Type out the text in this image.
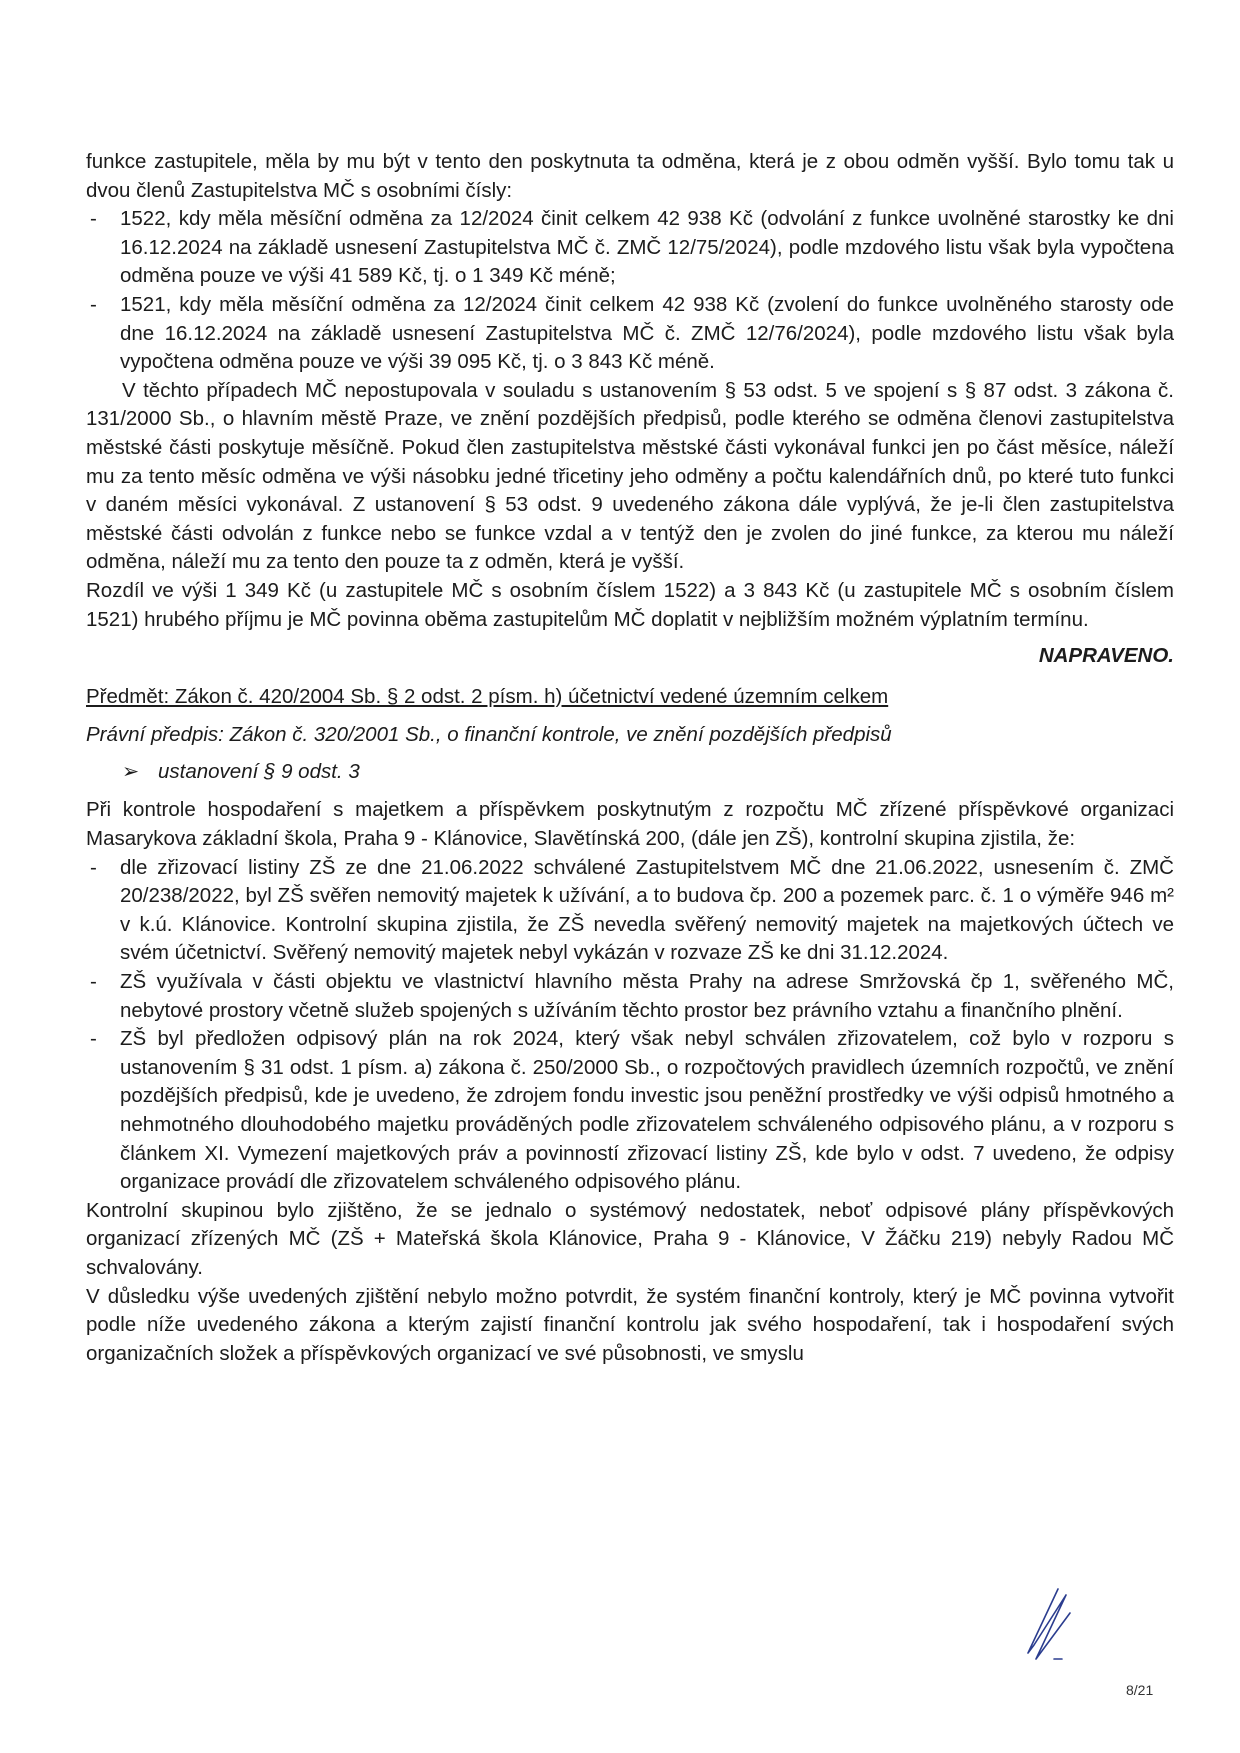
funkce zastupitele, měla by mu být v tento den poskytnuta ta odměna, která je z obou odměn vyšší. Bylo tomu tak u dvou členů Zastupitelstva MČ s osobními čísly:

- 1522, kdy měla měsíční odměna za 12/2024 činit celkem 42 938 Kč (odvolání z funkce uvolněné starostky ke dni 16.12.2024 na základě usnesení Zastupitelstva MČ č. ZMČ 12/75/2024), podle mzdového listu však byla vypočtena odměna pouze ve výši 41 589 Kč, tj. o 1 349 Kč méně;
- 1521, kdy měla měsíční odměna za 12/2024 činit celkem 42 938 Kč (zvolení do funkce uvolněného starosty ode dne 16.12.2024 na základě usnesení Zastupitelstva MČ č. ZMČ 12/76/2024), podle mzdového listu však byla vypočtena odměna pouze ve výši 39 095 Kč, tj. o 3 843 Kč méně.

V těchto případech MČ nepostupovala v souladu s ustanovením § 53 odst. 5 ve spojení s § 87 odst. 3 zákona č. 131/2000 Sb., o hlavním městě Praze, ve znění pozdějších předpisů, podle kterého se odměna členovi zastupitelstva městské části poskytuje měsíčně. Pokud člen zastupitelstva městské části vykonával funkci jen po část měsíce, náleží mu za tento měsíc odměna ve výši násobku jedné třicetiny jeho odměny a počtu kalendářních dnů, po které tuto funkci v daném měsíci vykonával. Z ustanovení § 53 odst. 9 uvedeného zákona dále vyplývá, že je-li člen zastupitelstva městské části odvolán z funkce nebo se funkce vzdal a v tentýž den je zvolen do jiné funkce, za kterou mu náleží odměna, náleží mu za tento den pouze ta z odměn, která je vyšší.

Rozdíl ve výši 1 349 Kč (u zastupitele MČ s osobním číslem 1522) a 3 843 Kč (u zastupitele MČ s osobním číslem 1521) hrubého příjmu je MČ povinna oběma zastupitelům MČ doplatit v nejbližším možném výplatním termínu.

NAPRAVENO.

Předmět: Zákon č. 420/2004 Sb. § 2 odst. 2 písm. h) účetnictví vedené územním celkem

Právní předpis: Zákon č. 320/2001 Sb., o finanční kontrole, ve znění pozdějších předpisů

➢ ustanovení § 9 odst. 3

Při kontrole hospodaření s majetkem a příspěvkem poskytnutým z rozpočtu MČ zřízené příspěvkové organizaci Masarykova základní škola, Praha 9 - Klánovice, Slavětínská 200, (dále jen ZŠ), kontrolní skupina zjistila, že:

- dle zřizovací listiny ZŠ ze dne 21.06.2022 schválené Zastupitelstvem MČ dne 21.06.2022, usnesením č. ZMČ 20/238/2022, byl ZŠ svěřen nemovitý majetek k užívání, a to budova čp. 200 a pozemek parc. č. 1 o výměře 946 m² v k.ú. Klánovice. Kontrolní skupina zjistila, že ZŠ nevedla svěřený nemovitý majetek na majetkových účtech ve svém účetnictví. Svěřený nemovitý majetek nebyl vykázán v rozvaze ZŠ ke dni 31.12.2024.
- ZŠ využívala v části objektu ve vlastnictví hlavního města Prahy na adrese Smržovská čp 1, svěřeného MČ, nebytové prostory včetně služeb spojených s užíváním těchto prostor bez právního vztahu a finančního plnění.
- ZŠ byl předložen odpisový plán na rok 2024, který však nebyl schválen zřizovatelem, což bylo v rozporu s ustanovením § 31 odst. 1 písm. a) zákona č. 250/2000 Sb., o rozpočtových pravidlech územních rozpočtů, ve znění pozdějších předpisů, kde je uvedeno, že zdrojem fondu investic jsou peněžní prostředky ve výši odpisů hmotného a nehmotného dlouhodobého majetku prováděných podle zřizovatelem schváleného odpisového plánu, a v rozporu s článkem XI. Vymezení majetkových práv a povinností zřizovací listiny ZŠ, kde bylo v odst. 7 uvedeno, že odpisy organizace provádí dle zřizovatelem schváleného odpisového plánu.

Kontrolní skupinou bylo zjištěno, že se jednalo o systémový nedostatek, neboť odpisové plány příspěvkových organizací zřízených MČ (ZŠ + Mateřská škola Klánovice, Praha 9 - Klánovice, V Žáčku 219) nebyly Radou MČ schvalovány.

V důsledku výše uvedených zjištění nebylo možno potvrdit, že systém finanční kontroly, který je MČ povinna vytvořit podle níže uvedeného zákona a kterým zajistí finanční kontrolu jak svého hospodaření, tak i hospodaření svých organizačních složek a příspěvkových organizací ve své působnosti, ve smyslu

8/21
